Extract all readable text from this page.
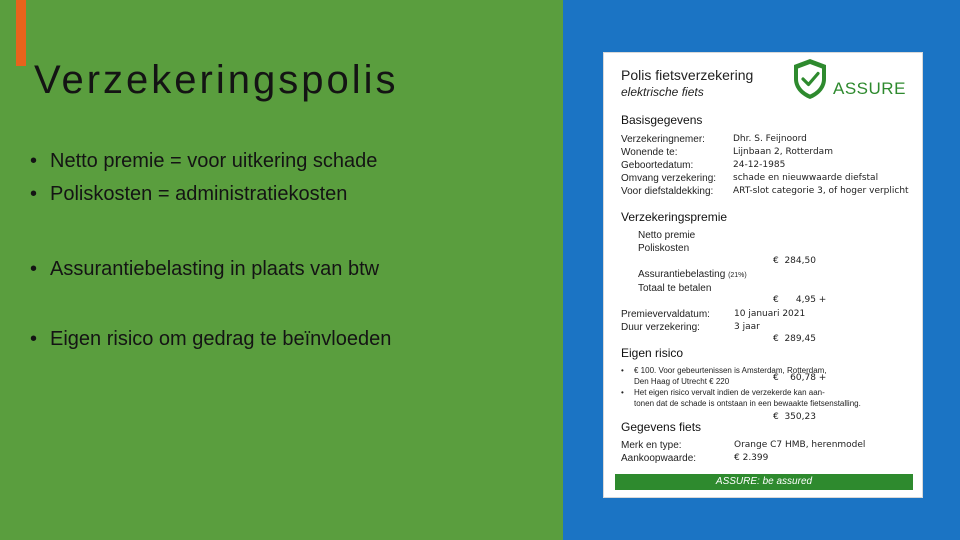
Verzekeringspolis
• Netto premie = voor uitkering schade
• Poliskosten = administratiekosten
• Assurantiebelasting in plaats van btw
• Eigen risico om gedrag te beïnvloeden
Polis fietsverzekering
elektrische fiets	ASSURE
Basisgegevens
Verzekeringnemer:
Wonende te:
Geboortedatum:
Omvang verzekering:
Voor diefstaldekking:
Dhr. S. Feijnoord
Lijnbaan 2, Rotterdam
24-12-1985
schade en nieuwwaarde diefstal
ART-slot categorie 3, of hoger verplicht
Verzekeringspremie
Netto premie
Poliskosten
Assurantiebelasting (21%)
Totaal te betalen

€  284,50

€      4,95 +

€  289,45

€    60,78 +

€  350,23

Premievervaldatum:
Duur verzekering:
10 januari 2021
3 jaar
Eigen risico
• € 100. Voor gebeurtenissen is Amsterdam, Rotterdam,
Den Haag of Utrecht € 220
• Het eigen risico vervalt indien de verzekerde kan aan-
tonen dat de schade is ontstaan in een bewaakte fietsenstalling.
Gegevens fiets
Merk en type:
Aankoopwaarde:
Orange C7 HMB, herenmodel
€ 2.399
ASSURE: be assured
